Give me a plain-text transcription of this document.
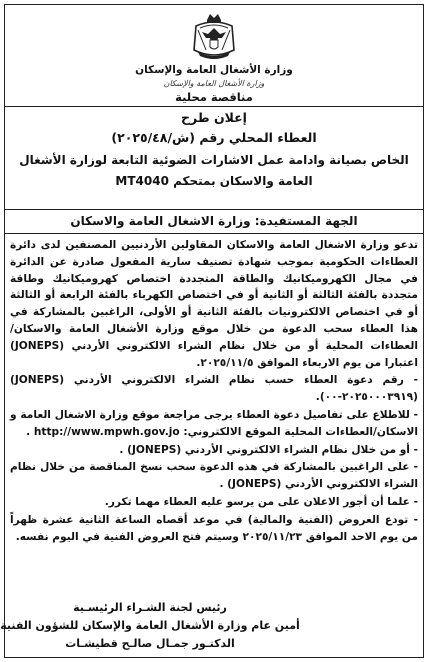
وزارة الأشغال العامة والإسكان
وزارة الأشغال العامة والإسكان
مناقصة محلية
إعلان طرح
العطاء المحلي رقم (ش/٢٠٢٥/٤٨)
الخاص بصيانة وادامة عمل الاشارات الضوئية التابعة لوزارة الأشغال العامة والاسكان بمتحكم MT4040
الجهة المستفيدة: وزارة الاشغال العامة والاسكان

تدعو وزارة الاشغال العامة والاسكان المقاولين الأردنيين المصنفين لدى دائرة العطاءات الحكومية بموجب شهادة تصنيف سارية المفعول صادرة عن الدائرة في مجال الكهروميكانيك والطاقة المتجددة اختصاص كهروميكانيك وطاقة متجددة بالفئة الثالثة أو الثانية أو في اختصاص الكهرباء بالفئة الرابعة أو الثالثة أو في اختصاص الالكترونيات بالفئة الثانية أو الأولى، الراغبين بالمشاركة في هذا العطاء سحب الدعوة من خلال موقع وزارة الأشغال العامة والاسكان/ العطاءات المحلية أو من خلال نظام الشراء الالكتروني الأردني (JONEPS) اعتبارا من يوم الاربعاء الموافق ٢٠٢٥/١١/٥.

- رقم دعوة العطاء حسب نظام الشراء الالكتروني الأردني (JONEPS) (٢٠٢٥٠٠٠٣٩١٩-٠٠).

- للاطلاع على تفاصيل دعوة العطاء يرجى مراجعة موقع وزارة الاشغال العامة و الاسكان/العطاءات المحلية الموقع الالكتروني: http://www.mpwh.gov.jo .

- أو من خلال نظام الشراء الالكتروني الأردني (JONEPS) .

- على الراغبين بالمشاركة في هذه الدعوة سحب نسخ المناقصة من خلال نظام الشراء الالكتروني الأردني (JONEPS) .

- علما أن أجور الاعلان على من يرسو عليه العطاء مهما تكرر.

- تودع العروض (الفنية والمالية) في موعد أقصاه الساعة الثانية عشرة ظهراً من يوم الاحد الموافق ٢٠٢٥/١١/٢٣ وسيتم فتح العروض الفنية في اليوم نفسه.

رئيس لجنة الشـراء الرئيسـية
أمين عام وزارة الأشغال العامة والإسكان للشؤون الفنية
الدكتـور جمـال صالـح قطيشـات
